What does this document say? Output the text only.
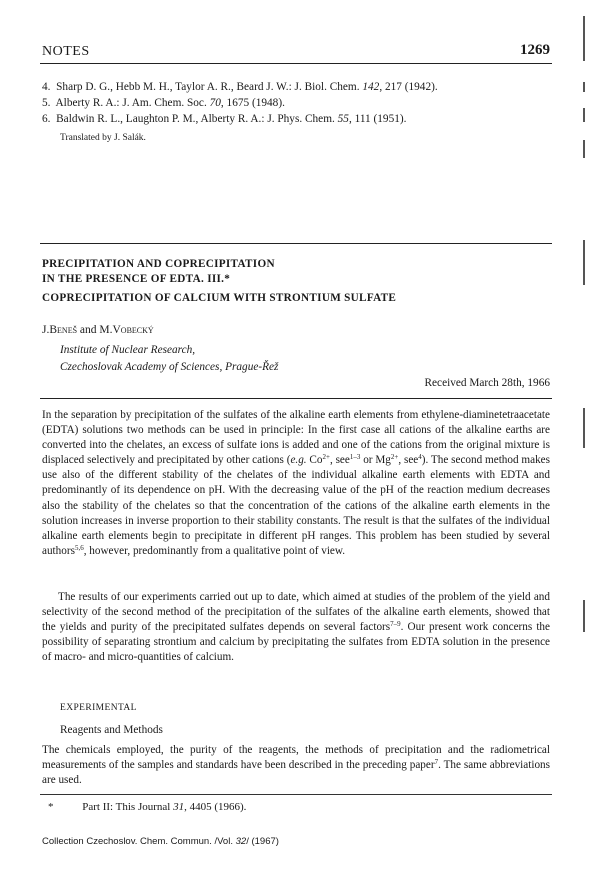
NOTES	1269
4. Sharp D. G., Hebb M. H., Taylor A. R., Beard J. W.: J. Biol. Chem. 142, 217 (1942).
5. Alberty R. A.: J. Am. Chem. Soc. 70, 1675 (1948).
6. Baldwin R. L., Laughton P. M., Alberty R. A.: J. Phys. Chem. 55, 111 (1951).
Translated by J. Salák.
PRECIPITATION AND COPRECIPITATION
IN THE PRESENCE OF EDTA. III.*
COPRECIPITATION OF CALCIUM WITH STRONTIUM SULFATE
J.Beneš and M.Vobecký
Institute of Nuclear Research,
Czechoslovak Academy of Sciences, Prague-Řež
Received March 28th, 1966

In the separation by precipitation of the sulfates of the alkaline earth elements from ethylene-diaminetetraacetate (EDTA) solutions two methods can be used in principle: In the first case all cations of the alkaline earths are converted into the chelates, an excess of sulfate ions is added and one of the cations from the original mixture is displaced selectively and precipitated by other cations (e.g. $Co^{2+}$, see$^{1-3}$ or $Mg^{2+}$, see$^4$). The second method makes use also of the different stability of the chelates of the individual alkaline earth elements with EDTA and predominantly of its dependence on pH. With the decreasing value of the pH of the reaction medium decreases also the stability of the chelates so that the concentration of the cations of the alkaline earth elements in the solution increases in inverse proportion to their stability constants. The result is that the sulfates of the individual alkaline earth elements begin to precipitate in different pH ranges. This problem has been studied by several authors$^{5,6}$, however, predominantly from a qualitative point of view.

The results of our experiments carried out up to date, which aimed at studies of the problem of the yield and selectivity of the second method of the precipitation of the sulfates of the alkaline earth elements, showed that the yields and purity of the precipitated sulfates depends on several factors$^{7-9}$. Our present work concerns the possibility of separating strontium and calcium by precipitating the sulfates from EDTA solution in the presence of macro- and micro-quantities of calcium.

EXPERIMENTAL
Reagents and Methods

The chemicals employed, the purity of the reagents, the methods of precipitation and the radiometrical measurements of the samples and standards have been described in the preceding paper$^7$. The same abbreviations are used.

*	Part II: This Journal 31, 4405 (1966).
Collection Czechoslov. Chem. Commun. /Vol. 32/ (1967)
